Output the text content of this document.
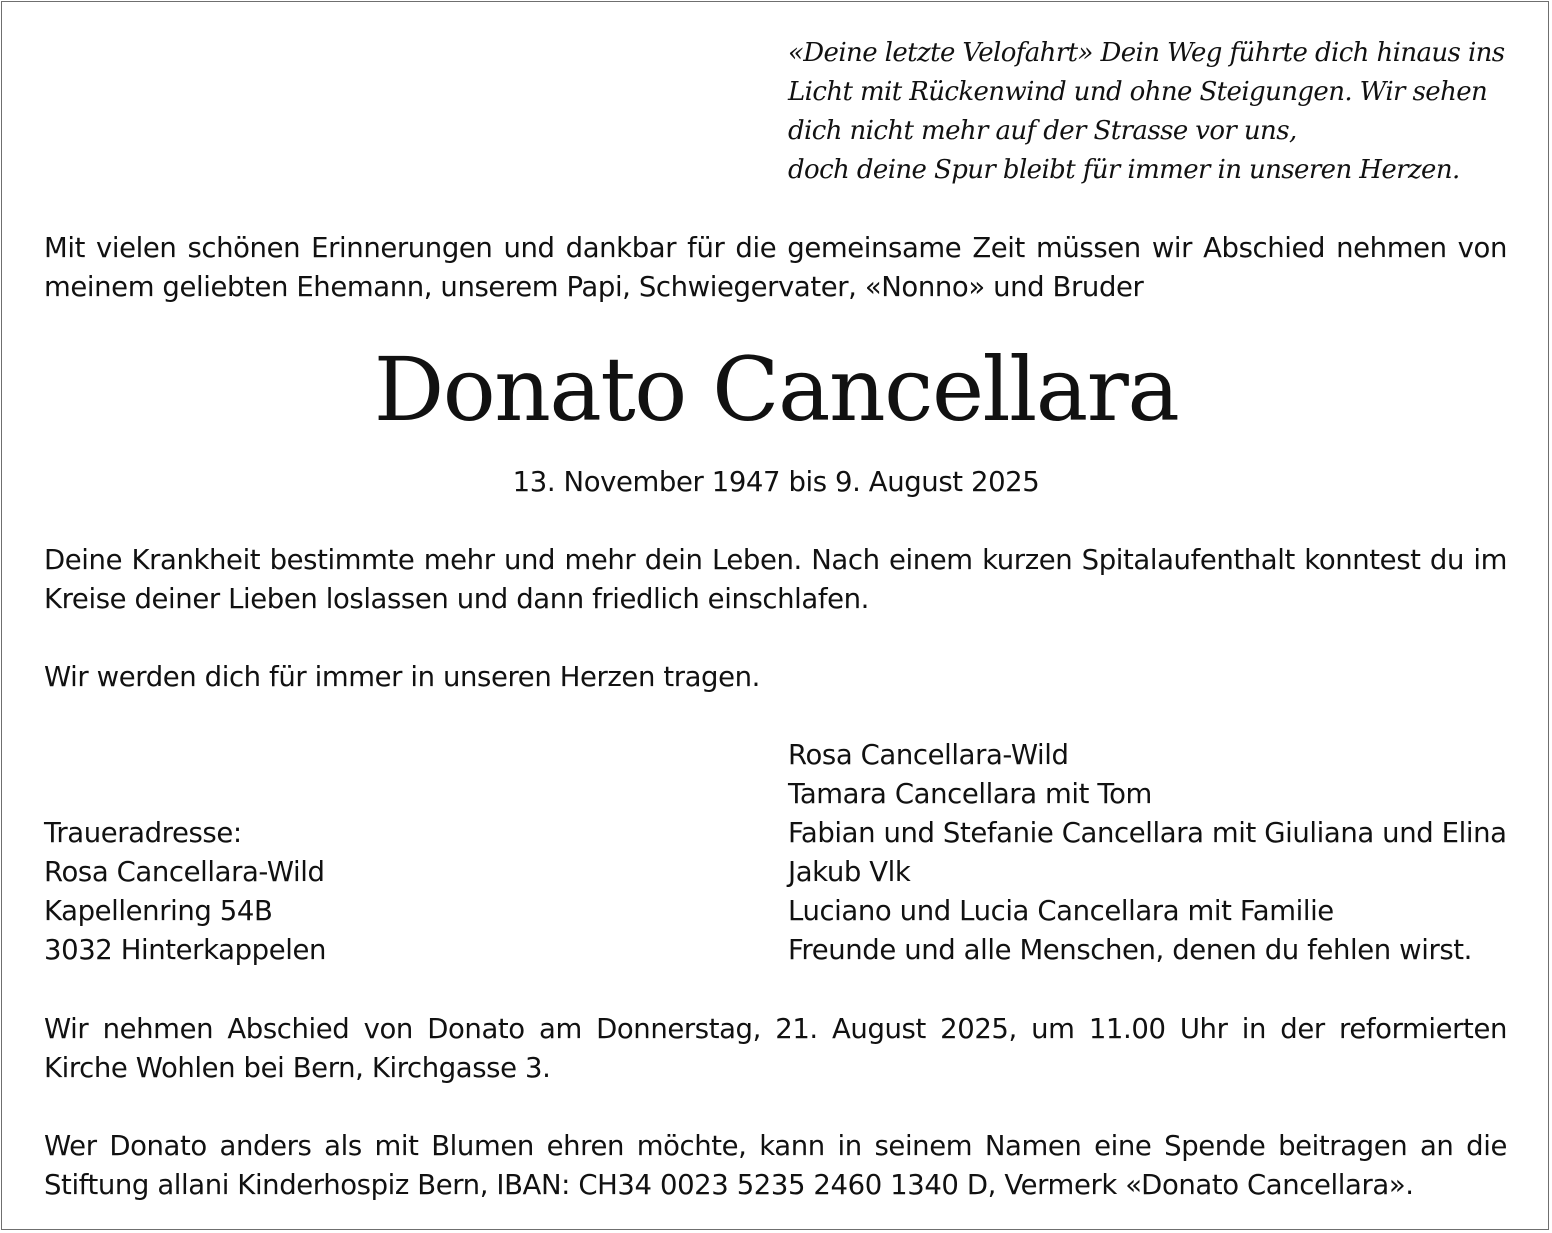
«Deine letzte Velofahrt» Dein Weg führte dich hinaus ins
Licht mit Rückenwind und ohne Steigungen. Wir sehen
dich nicht mehr auf der Strasse vor uns,
doch deine Spur bleibt für immer in unseren Herzen.

Mit vielen schönen Erinnerungen und dankbar für die gemeinsame Zeit müssen wir Abschied nehmen von meinem geliebten Ehemann, unserem Papi, Schwiegervater, «Nonno» und Bruder

Donato Cancellara
13. November 1947 bis 9. August 2025

Deine Krankheit bestimmte mehr und mehr dein Leben. Nach einem kurzen Spitalaufenthalt konntest du im Kreise deiner Lieben loslassen und dann friedlich einschlafen.

Wir werden dich für immer in unseren Herzen tragen.

Traueradresse:
Rosa Cancellara-Wild
Kapellenring 54B
3032 Hinterkappelen
Rosa Cancellara-Wild
Tamara Cancellara mit Tom
Fabian und Stefanie Cancellara mit Giuliana und Elina
Jakub Vlk
Luciano und Lucia Cancellara mit Familie
Freunde und alle Menschen, denen du fehlen wirst.

Wir nehmen Abschied von Donato am Donnerstag, 21. August 2025, um 11.00 Uhr in der reformierten Kirche Wohlen bei Bern, Kirchgasse 3.

Wer Donato anders als mit Blumen ehren möchte, kann in seinem Namen eine Spende beitragen an die Stiftung allani Kinderhospiz Bern, IBAN: CH34 0023 5235 2460 1340 D, Vermerk «Donato Cancellara».
